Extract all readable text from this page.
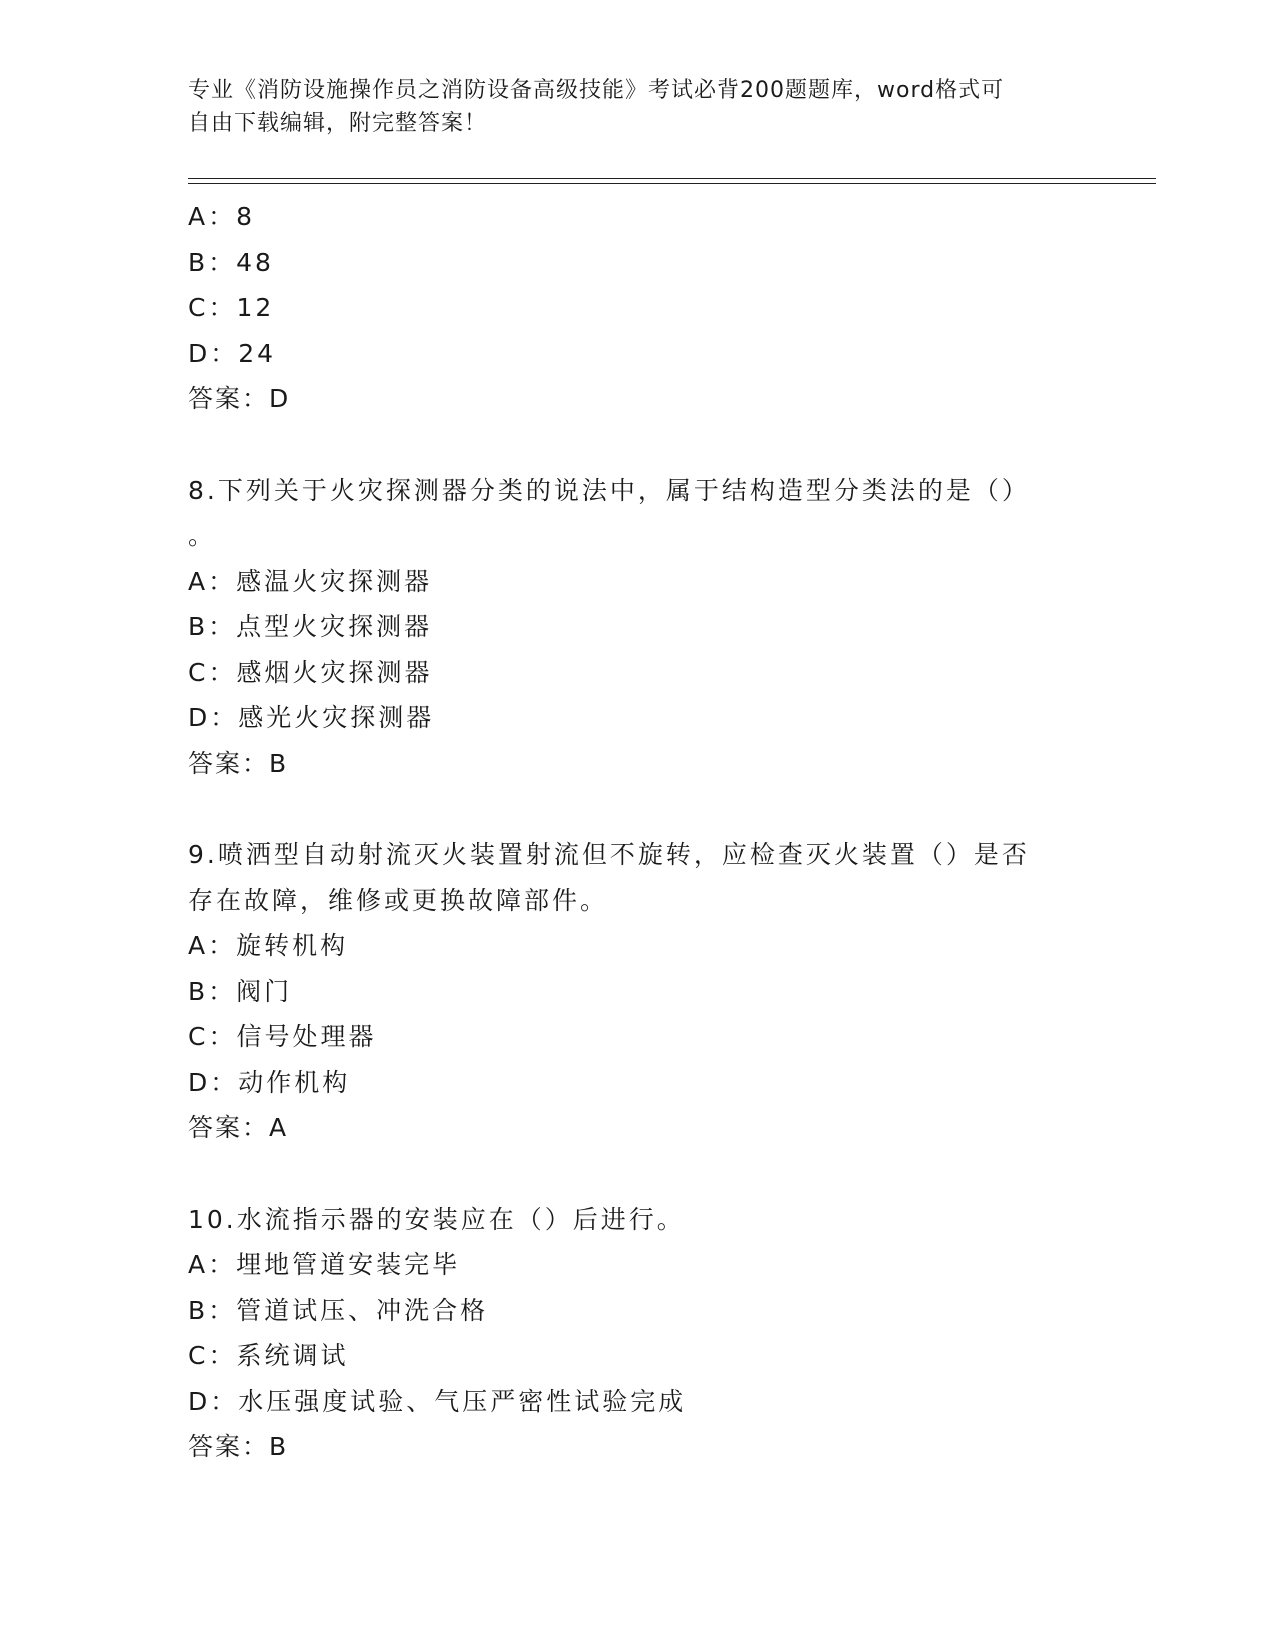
专业《消防设施操作员之消防设备高级技能》考试必背200题题库，word格式可
自由下载编辑，附完整答案！
A：8
B：48
C：12
D：24
答案：D
8.下列关于火灾探测器分类的说法中，属于结构造型分类法的是（）
。
A：感温火灾探测器
B：点型火灾探测器
C：感烟火灾探测器
D：感光火灾探测器
答案：B
9.喷洒型自动射流灭火装置射流但不旋转，应检查灭火装置（）是否
存在故障，维修或更换故障部件。
A：旋转机构
B：阀门
C：信号处理器
D：动作机构
答案：A
10.水流指示器的安装应在（）后进行。
A：埋地管道安装完毕
B：管道试压、冲洗合格
C：系统调试
D：水压强度试验、气压严密性试验完成
答案：B
